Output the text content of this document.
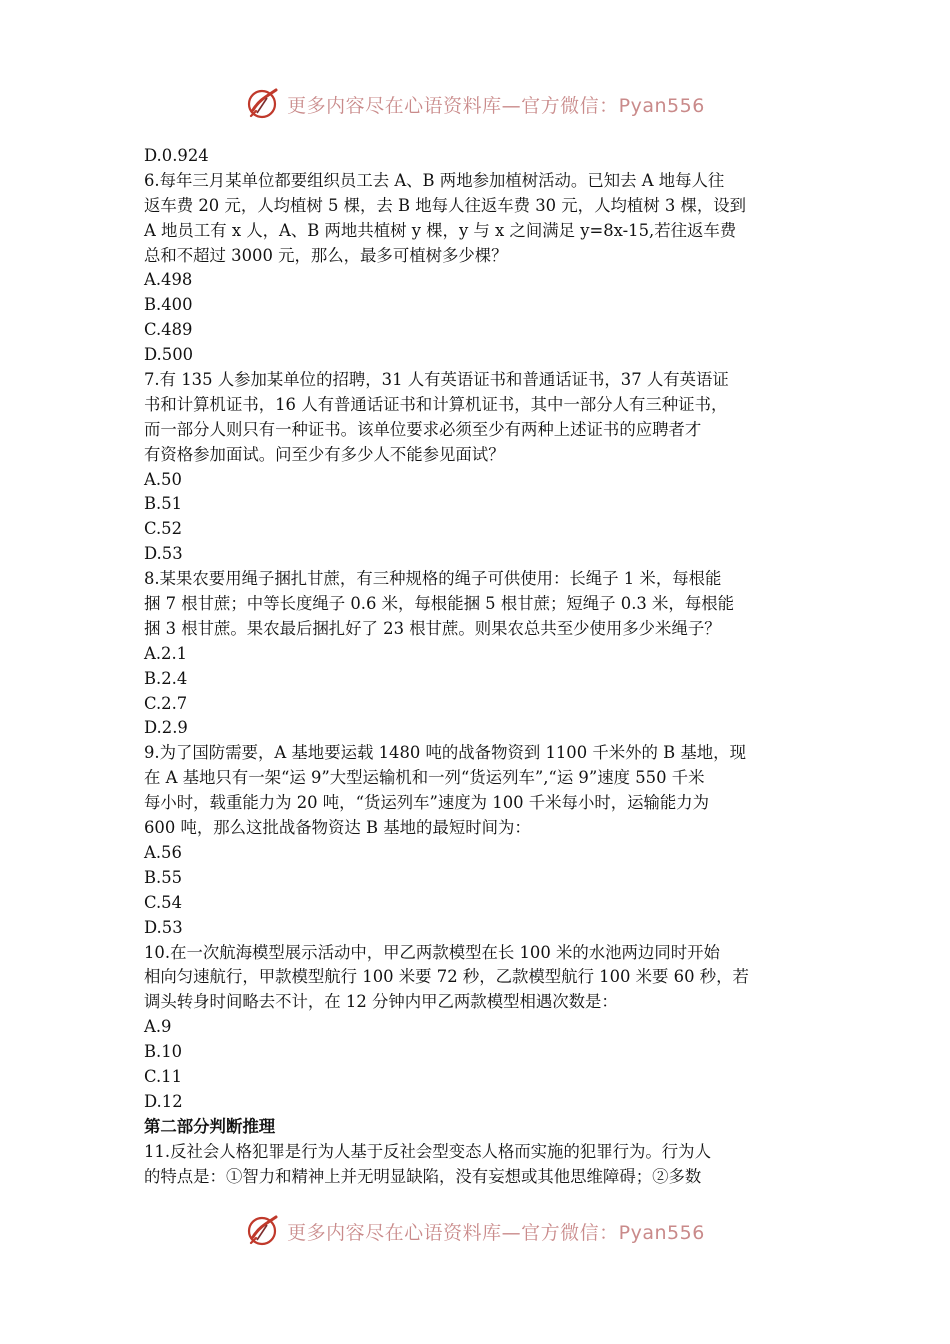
更多内容尽在心语资料库—官方微信：Pyan556
D.0.924
6.每年三月某单位都要组织员工去 A、B 两地参加植树活动。已知去 A 地每人往
返车费 20 元，人均植树 5 棵，去 B 地每人往返车费 30 元，人均植树 3 棵，设到
A 地员工有 x 人，A、B 两地共植树 y 棵，y 与 x 之间满足 y=8x-15,若往返车费
总和不超过 3000 元，那么，最多可植树多少棵？
A.498
B.400
C.489
D.500
7.有 135 人参加某单位的招聘，31 人有英语证书和普通话证书，37 人有英语证
书和计算机证书，16 人有普通话证书和计算机证书，其中一部分人有三种证书，
而一部分人则只有一种证书。该单位要求必须至少有两种上述证书的应聘者才
有资格参加面试。问至少有多少人不能参见面试？
A.50
B.51
C.52
D.53
8.某果农要用绳子捆扎甘蔗，有三种规格的绳子可供使用：长绳子 1 米，每根能
捆 7 根甘蔗；中等长度绳子 0.6 米，每根能捆 5 根甘蔗；短绳子 0.3 米，每根能
捆 3 根甘蔗。果农最后捆扎好了 23 根甘蔗。则果农总共至少使用多少米绳子？
A.2.1
B.2.4
C.2.7
D.2.9
9.为了国防需要，A 基地要运载 1480 吨的战备物资到 1100 千米外的 B 基地，现
在 A 基地只有一架“运 9”大型运输机和一列“货运列车”,“运 9”速度 550 千米
每小时，载重能力为 20 吨，“货运列车”速度为 100 千米每小时，运输能力为
600 吨，那么这批战备物资达 B 基地的最短时间为：
A.56
B.55
C.54
D.53
10.在一次航海模型展示活动中，甲乙两款模型在长 100 米的水池两边同时开始
相向匀速航行，甲款模型航行 100 米要 72 秒，乙款模型航行 100 米要 60 秒，若
调头转身时间略去不计，在 12 分钟内甲乙两款模型相遇次数是：
A.9
B.10
C.11
D.12
第二部分判断推理
11.反社会人格犯罪是行为人基于反社会型变态人格而实施的犯罪行为。行为人
的特点是：①智力和精神上并无明显缺陷，没有妄想或其他思维障碍；②多数
更多内容尽在心语资料库—官方微信：Pyan556
